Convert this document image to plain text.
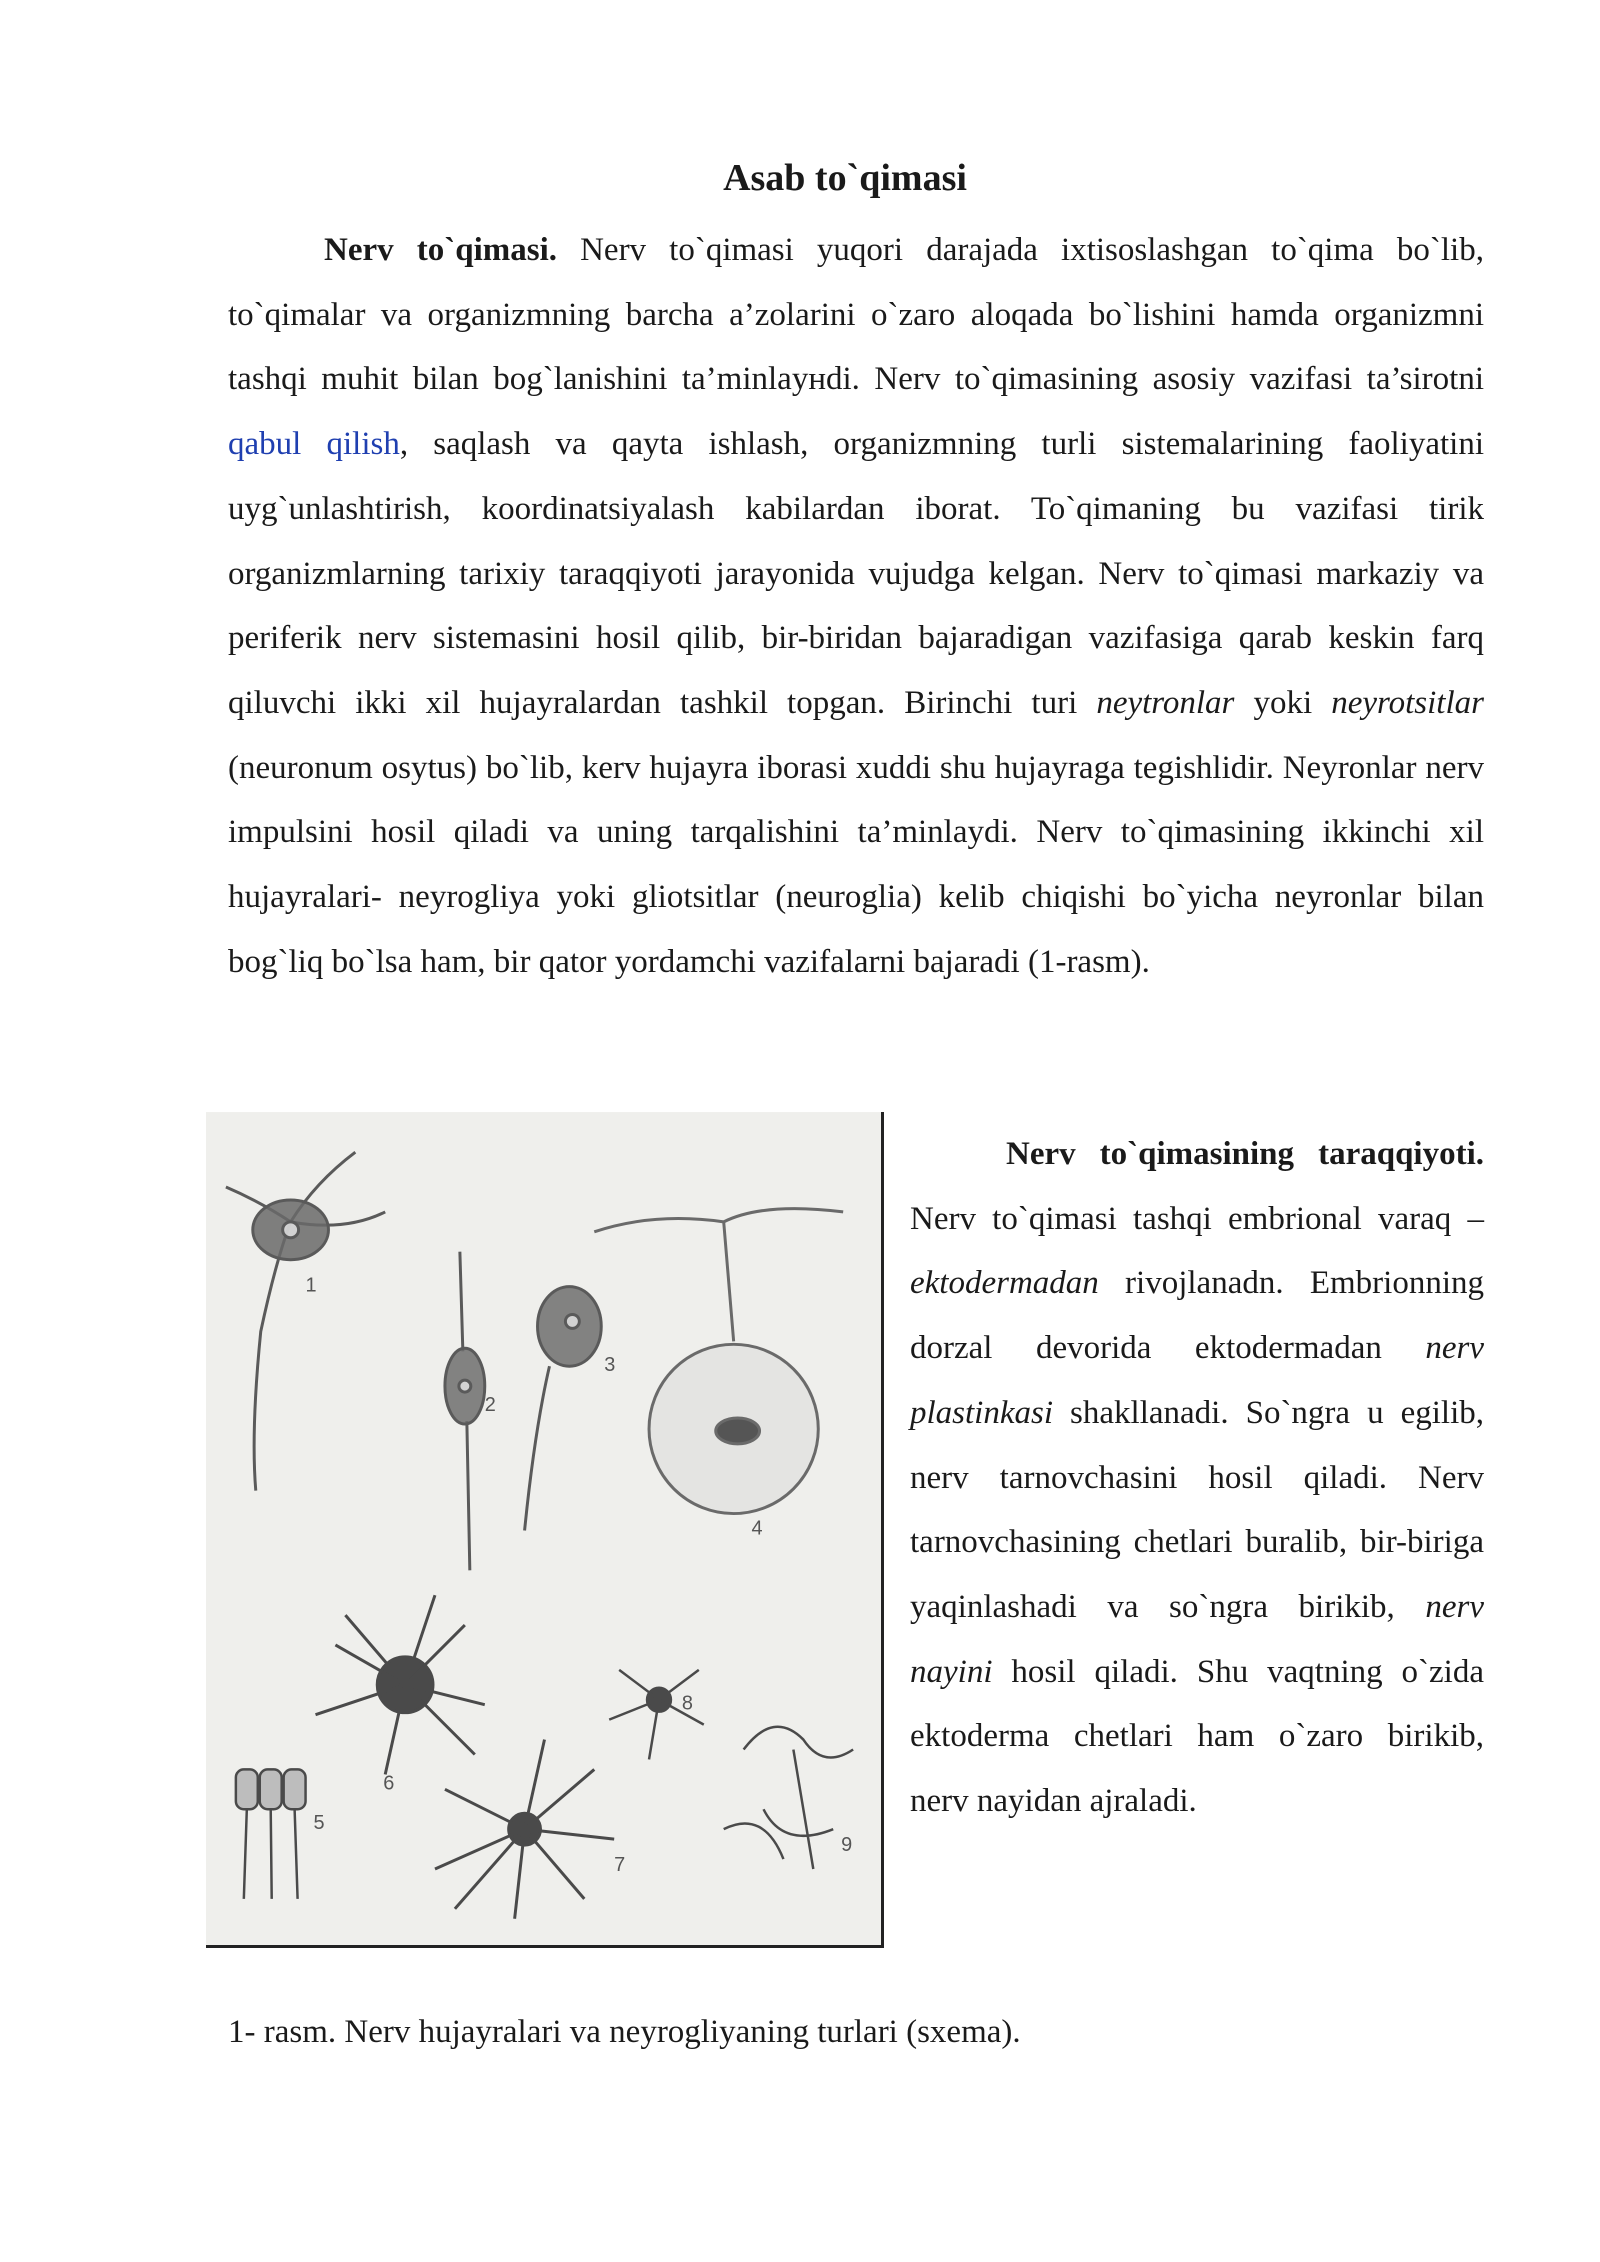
Asab to`qimasi

Nerv to`qimasi. Nerv to`qimasi yuqori darajada ixtisoslashgan to`qima bo`lib, to`qimalar va organizmning barcha a’zolarini o`zaro aloqada bo`lishini hamda organizmni tashqi muhit bilan bog`lanishini ta’minlayнdi. Nerv to`qimasining asosiy vazifasi ta’sirotni qabul qilish, saqlash va qayta ishlash, organizmning turli sistemalarining faoliyatini uyg`unlashtirish, koordinatsiyalash kabilardan iborat. To`qimaning bu vazifasi tirik organizmlarning tarixiy taraqqiyoti jarayonida vujudga kelgan. Nerv to`qimasi markaziy va periferik nerv sistemasini hosil qilib, bir-biridan bajaradigan vazifasiga qarab keskin farq qiluvchi ikki xil hujayralardan tashkil topgan. Birinchi turi neytronlar yoki neyrotsitlar (neuronum osytus) bo`lib, kerv hujayra iborasi xuddi shu hujayraga tegishlidir. Neyronlar nerv impulsini hosil qiladi va uning tarqalishini ta’minlaydi. Nerv to`qimasining ikkinchi xil hujayralari- neyrogliya yoki gliotsitlar (neuroglia) kelib chiqishi bo`yicha neyronlar bilan bog`liq bo`lsa ham, bir qator yordamchi vazifalarni bajaradi (1-rasm).

1
2
3
4
5
6
7
8
9

Nerv to`qimasining taraqqiyoti. Nerv to`qimasi tashqi embrional varaq –ektodermadan rivojlanadn. Embrionning dorzal devorida ektodermadan nerv plastinkasi shakllanadi. So`ngra u egilib, nerv tarnovchasini hosil qiladi. Nerv tarnovchasining chetlari buralib, bir-biriga yaqinlashadi va so`ngra birikib, nerv nayini hosil qiladi. Shu vaqtning o`zida ektoderma chetlari ham o`zaro birikib, nerv nayidan ajraladi.

1- rasm. Nerv hujayralari va neyrogliyaning turlari (sxema).
